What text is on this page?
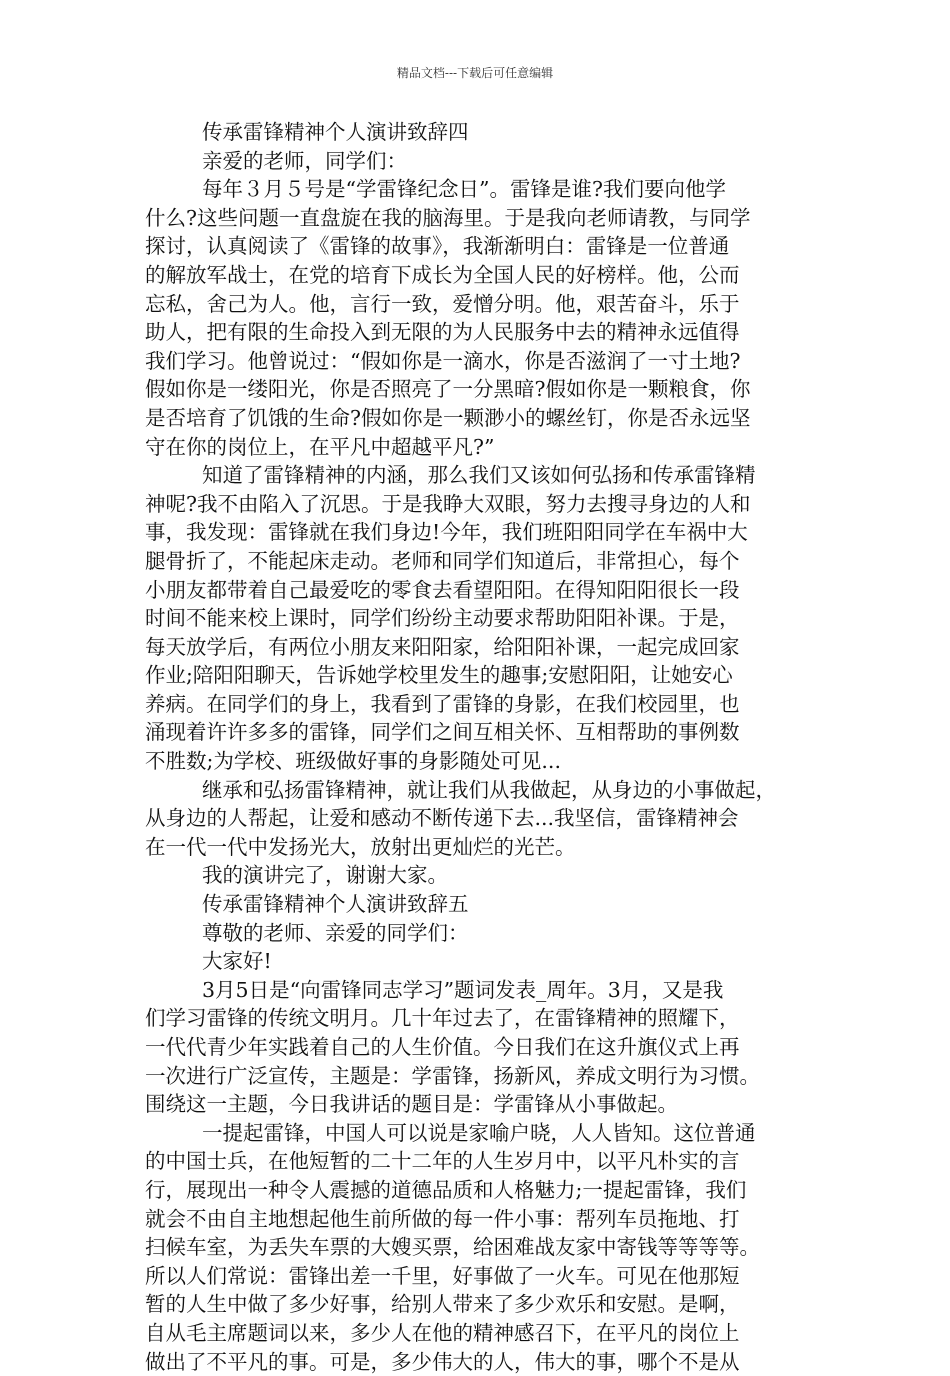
精品文档---下载后可任意编辑
传承雷锋精神个人演讲致辞四
亲爱的老师，同学们：
每年３月５号是“学雷锋纪念日”。雷锋是谁?我们要向他学
什么?这些问题一直盘旋在我的脑海里。于是我向老师请教，与同学
探讨，认真阅读了《雷锋的故事》，我渐渐明白：雷锋是一位普通
的解放军战士，在党的培育下成长为全国人民的好榜样。他，公而
忘私，舍己为人。他，言行一致，爱憎分明。他，艰苦奋斗，乐于
助人，把有限的生命投入到无限的为人民服务中去的精神永远值得
我们学习。他曾说过：“假如你是一滴水，你是否滋润了一寸土地?
假如你是一缕阳光，你是否照亮了一分黑暗?假如你是一颗粮食，你
是否培育了饥饿的生命?假如你是一颗渺小的螺丝钉，你是否永远坚
守在你的岗位上，在平凡中超越平凡?”
知道了雷锋精神的内涵，那么我们又该如何弘扬和传承雷锋精
神呢?我不由陷入了沉思。于是我睁大双眼，努力去搜寻身边的人和
事，我发现：雷锋就在我们身边!今年，我们班阳阳同学在车祸中大
腿骨折了，不能起床走动。老师和同学们知道后，非常担心，每个
小朋友都带着自己最爱吃的零食去看望阳阳。在得知阳阳很长一段
时间不能来校上课时，同学们纷纷主动要求帮助阳阳补课。于是，
每天放学后，有两位小朋友来阳阳家，给阳阳补课，一起完成回家
作业;陪阳阳聊天，告诉她学校里发生的趣事;安慰阳阳，让她安心
养病。在同学们的身上，我看到了雷锋的身影，在我们校园里，也
涌现着许许多多的雷锋，同学们之间互相关怀、互相帮助的事例数
不胜数;为学校、班级做好事的身影随处可见...
继承和弘扬雷锋精神，就让我们从我做起，从身边的小事做起，
从身边的人帮起，让爱和感动不断传递下去...我坚信，雷锋精神会
在一代一代中发扬光大，放射出更灿烂的光芒。
我的演讲完了，谢谢大家。
传承雷锋精神个人演讲致辞五
尊敬的老师、亲爱的同学们：
大家好!
3月5日是“向雷锋同志学习”题词发表_周年。3月，又是我
们学习雷锋的传统文明月。几十年过去了，在雷锋精神的照耀下，
一代代青少年实践着自己的人生价值。今日我们在这升旗仪式上再
一次进行广泛宣传，主题是：学雷锋，扬新风，养成文明行为习惯。
围绕这一主题，今日我讲话的题目是：学雷锋从小事做起。
一提起雷锋，中国人可以说是家喻户晓，人人皆知。这位普通
的中国士兵，在他短暂的二十二年的人生岁月中，以平凡朴实的言
行，展现出一种令人震撼的道德品质和人格魅力;一提起雷锋，我们
就会不由自主地想起他生前所做的每一件小事：帮列车员拖地、打
扫候车室，为丢失车票的大嫂买票，给困难战友家中寄钱等等等等。
所以人们常说：雷锋出差一千里，好事做了一火车。可见在他那短
暂的人生中做了多少好事，给别人带来了多少欢乐和安慰。是啊，
自从毛主席题词以来，多少人在他的精神感召下，在平凡的岗位上
做出了不平凡的事。可是，多少伟大的人，伟大的事，哪个不是从
